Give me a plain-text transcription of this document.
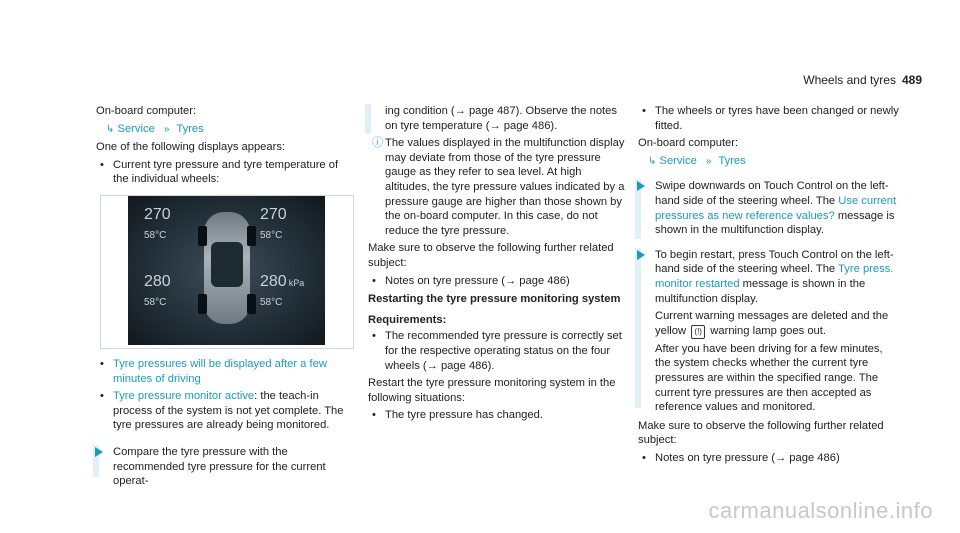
Wheels and tyres 489
On-board computer:
↳ Service » Tyres
One of the following displays appears:
• Current tyre pressure and tyre temperature of the individual wheels:
270
58°C
270
58°C
280
58°C
280 kPa
58°C
• Tyre pressures will be displayed after a few minutes of driving
• Tyre pressure monitor active: the teach-in process of the system is not yet complete. The tyre pressures are already being monitored.
Compare the tyre pressure with the recommended tyre pressure for the current operat-
ing condition (→ page 487). Observe the notes on tyre temperature (→ page 486).
ⓘ The values displayed in the multifunction display may deviate from those of the tyre pressure gauge as they refer to sea level. At high altitudes, the tyre pressure values indicated by a pressure gauge are higher than those shown by the on-board computer. In this case, do not reduce the tyre pressure.
Make sure to observe the following further related subject:
• Notes on tyre pressure (→ page 486)
Restarting the tyre pressure monitoring system
Requirements:
• The recommended tyre pressure is correctly set for the respective operating status on the four wheels (→ page 486).
Restart the tyre pressure monitoring system in the following situations:
• The tyre pressure has changed.
• The wheels or tyres have been changed or newly fitted.
On-board computer:
↳ Service » Tyres
Swipe downwards on Touch Control on the left-hand side of the steering wheel. The Use current pressures as new reference values? message is shown in the multifunction display.
To begin restart, press Touch Control on the left-hand side of the steering wheel. The Tyre press. monitor restarted message is shown in the multifunction display.
Current warning messages are deleted and the yellow (!) warning lamp goes out.
After you have been driving for a few minutes, the system checks whether the current tyre pressures are within the specified range. The current tyre pressures are then accepted as reference values and monitored.
Make sure to observe the following further related subject:
• Notes on tyre pressure (→ page 486)
carmanualsonline.info
